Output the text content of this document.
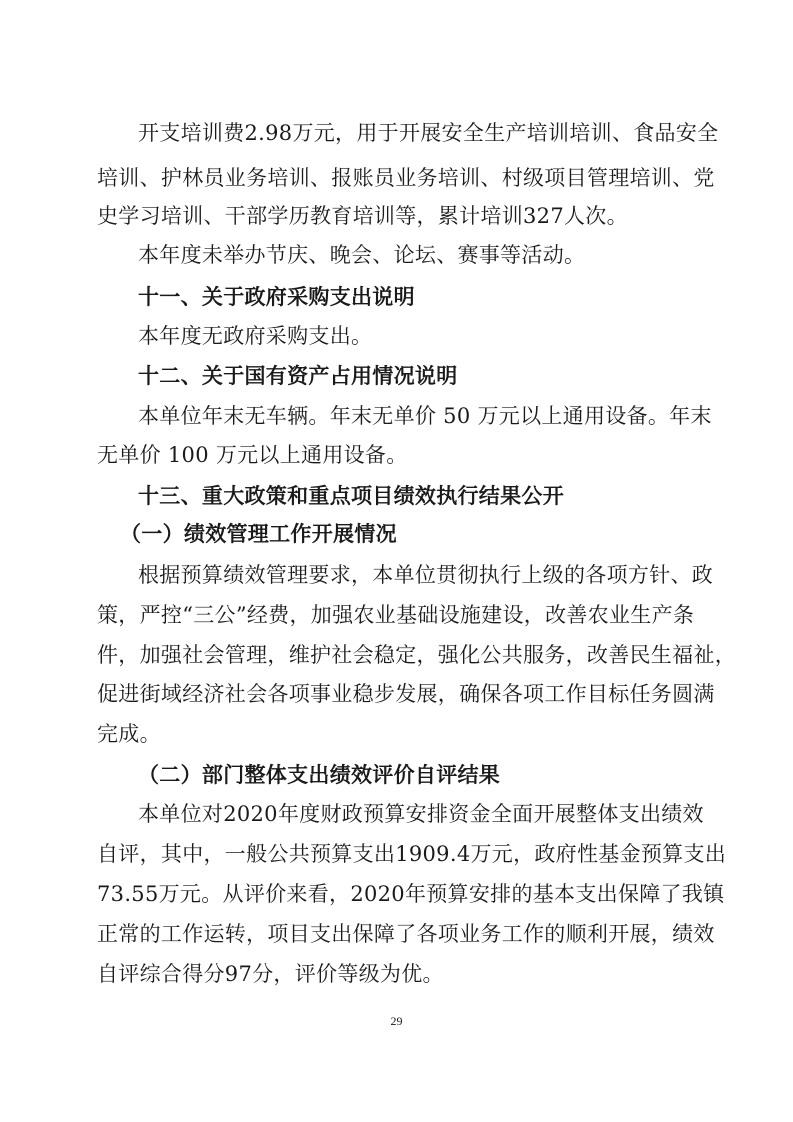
开支培训费2.98万元，用于开展安全生产培训培训、食品安全
培训、护林员业务培训、报账员业务培训、村级项目管理培训、党
史学习培训、干部学历教育培训等，累计培训327人次。
本年度未举办节庆、晚会、论坛、赛事等活动。
十一、关于政府采购支出说明
本年度无政府采购支出。
十二、关于国有资产占用情况说明
本单位年末无车辆。年末无单价 50 万元以上通用设备。年末
无单价 100 万元以上通用设备。
十三、重大政策和重点项目绩效执行结果公开
（一）绩效管理工作开展情况
根据预算绩效管理要求，本单位贯彻执行上级的各项方针、政
策，严控“三公”经费，加强农业基础设施建设，改善农业生产条
件，加强社会管理，维护社会稳定，强化公共服务，改善民生福祉，
促进街域经济社会各项事业稳步发展，确保各项工作目标任务圆满
完成。
（二）部门整体支出绩效评价自评结果
本单位对2020年度财政预算安排资金全面开展整体支出绩效
自评，其中，一般公共预算支出1909.4万元，政府性基金预算支出
73.55万元。从评价来看，2020年预算安排的基本支出保障了我镇
正常的工作运转，项目支出保障了各项业务工作的顺利开展，绩效
自评综合得分97分，评价等级为优。
29
